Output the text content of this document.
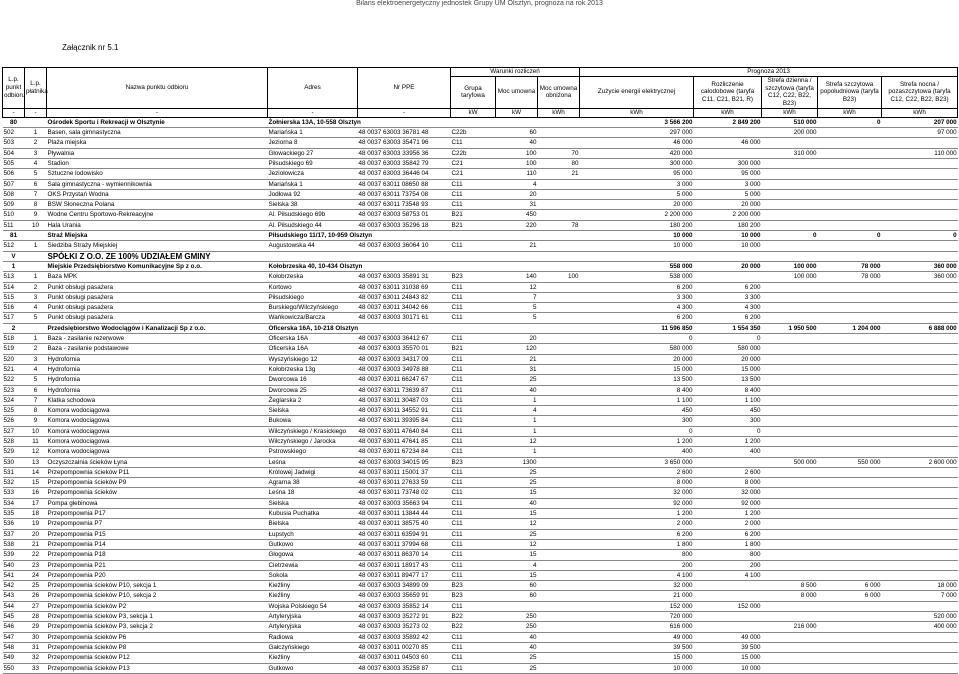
Bilans elektroenergetyczny jednostek Grupy UM Olsztyn, prognoza na rok 2013
Załącznik nr 5.1
L.p. punkt odbioru	L.p. płatnika	Nazwa punktu odbioru	Adres	Nr PPE	Warunki rozliczeń			Prognoza 2013				
					Grupa taryfowa	Moc umowna	Moc umowna obniżona	Zużycie energii elektrycznej	Rozliczenie całodobowe (taryfa C11, C21, B21, R)	Strefa dzienna / szczytowa (taryfa C12, C22, B22, B23)	Strefa szczytowa popołudniowa (taryfa B23)	Strefa nocna / pozaszczytowa (taryfa C12, C22, B22, B23)
-	-	-	-	-	kW	kW	kWh	kWh	kWh	kWh	kWh	kWh
80		Ośrodek Sportu i Rekreacji w Olsztynie	Żołnierska 13A, 10-558 Olsztyn					3 566 200	2 849 200	510 000	0	207 000
502	1	Basen, sala gimnastyczna	Mariańska 1	48 0037 63003 36781 48	C22b	60		297 000		200 000		97 000
503	2	Plaża miejska	Jeziorna 8	48 0037 63003 35471 96	C11	40		46 000	46 000			
504	3	Pływalnia	Głowackiego 27	48 0037 63003 33956 36	C22b	100	70	420 000		310 000		110 000
505	4	Stadion	Piłsudskiego 69	48 0037 63003 35842 79	C21	100	80	300 000	300 000			
506	5	Sztuczne lodowisko	Jeziołowicza	48 0037 63003 36446 04	C21	110	21	95 000	95 000			
507	6	Sala gimnastyczna - wymiennikownia	Mariańska 1	48 0037 63011 08650 88	C11	4		3 000	3 000			
508	7	OKS Przystań Wodna	Jodłowa 92	48 0037 63011 73754 08	C11	20		5 000	5 000			
509	8	BSW Słoneczna Polana	Sielska 38	48 0037 63011 73548 93	C11	31		20 000	20 000			
510	9	Wodne Centru Sportowo-Rekreacyjne	Al. Piłsudskiego 69b	48 0037 63003 58753 01	B21	450		2 200 000	2 200 000			
511	10	Hala Urania	Al. Piłsudskiego 44	48 0037 63003 35296 18	B21	220	78	180 200	180 200			
81		Straż Miejska	Piłsudskiego 11/17, 10-959 Olsztyn					10 000	10 000	0	0	0
512	1	Siedziba Straży Miejskiej	Augustowska 44	48 0037 63003 36064 10	C11	21		10 000	10 000			
V		SPÓŁKI Z O.O. ZE 100% UDZIAŁEM GMINY										
1		Miejskie Przedsiębiorstwo Komunikacyjne Sp z o.o.	Kołobrzeska 40, 10-434 Olsztyn					558 000	20 000	100 000	78 000	360 000
513	1	Baza MPK	Kołobrzeska	48 0037 63003 35891 31	B23	140	100	538 000		100 000	78 000	360 000
514	2	Punkt obsługi pasażera	Kortowo	48 0037 63011 31038 69	C11	12		6 200	6 200			
515	3	Punkt obsługi pasażera	Piłsudskiego	48 0037 63011 24843 82	C11	7		3 300	3 300			
516	4	Punkt obsługi pasażera	Burskiego/Wilczyńskiego	48 0037 63011 34042 66	C11	5		4 300	4 300			
517	5	Punkt obsługi pasażera	Wańkowicza/Barcza	48 0037 63003 30171 61	C11	5		6 200	6 200			
2		Przedsiębiorstwo Wodociągów i Kanalizacji Sp z o.o.	Oficerska 16A, 10-218 Olsztyn					11 596 850	1 554 350	1 950 500	1 204 000	6 888 000
518	1	Baza - zasilanie rezerwowe	Oficerska 16A	48 0037 63003 36412 67	C11	20		0	0			
519	2	Baza - zasilanie podstawowe	Oficerska 16A	48 0037 63003 35570 01	B21	120		580 000	580 000			
520	3	Hydrofornia	Wyszyńskiego 12	48 0037 63003 34317 09	C11	21		20 000	20 000			
521	4	Hydrofornia	Kołobrzeska 13g	48 0037 63003 34978 88	C11	31		15 000	15 000			
522	5	Hydrofornia	Dworcowa 16	48 0037 63011 66247 67	C11	25		13 500	13 500			
523	6	Hydrofornia	Dworcowa 25	48 0037 63011 73639 87	C11	40		8 400	8 400			
524	7	Klatka schodowa	Żeglarska 2	48 0037 63011 30487 03	C11	1		1 100	1 100			
525	8	Komora wodociągowa	Sielska	48 0037 63011 34552 91	C11	4		450	450			
526	9	Komora wodociągowa	Bukowa	48 0037 63011 39395 84	C11	1		300	300			
527	10	Komora wodociągowa	Wilczyńskiego / Krasickiego	48 0037 63011 47640 84	C11	1		0	0			
528	11	Komora wodociągowa	Wilczyńskiego / Jarocka	48 0037 63011 47641 85	C11	12		1 200	1 200			
529	12	Komora wodociągowa	Pstrowskiego	48 0037 63011 67234 84	C11	1		400	400			
530	13	Oczyszczalnia ścieków Łyna	Leśna	48 0037 63003 34015 95	B23	1300		3 650 000		500 000	550 000	2 600 000
531	14	Przepompownia ścieków P11	Królowej Jadwigi	48 0037 63011 15001 37	C11	25		2 600	2 600			
532	15	Przepompownia ścieków P9	Agrarna 38	48 0037 63011 27633 59	C11	25		8 000	8 000			
533	16	Przepompownia ścieków	Leśna 18	48 0037 63011 73748 02	C11	15		32 000	32 000			
534	17	Pompa głebinowa	Sielska	48 0037 63003 35663 94	C11	40		92 000	92 000			
535	18	Przepompownia P17	Kubusia Puchatka	48 0037 63011 13844 44	C11	15		1 200	1 200			
536	19	Przepompownia P7	Bielska	48 0037 63011 38575 40	C11	12		2 000	2 000			
537	20	Przepompownia P15	Łupstych	48 0037 63011 63594 91	C11	25		6 200	6 200			
538	21	Przepompownia P14	Gutkowo	48 0037 63011 37994 68	C11	12		1 800	1 800			
539	22	Przepompownia P18	Głogowa	48 0037 63011 86370 14	C11	15		800	800			
540	23	Przepompownia P21	Cietrzewia	48 0037 63011 18917 43	C11	4		200	200			
541	24	Przepompownia P20	Sokola	48 0037 63011 89477 17	C11	15		4 100	4 100			
542	25	Przepompownia ścieków P10, sekcja 1	Kieźliny	48 0037 63003 34899 09	B23	60		32 000		8 500	6 000	18 000
543	26	Przepompownia ścieków P10, sekcja 2	Kieźliny	48 0037 63003 35659 91	B23	60		21 000		8 000	6 000	7 000
544	27	Przepompownia ścieków P2	Wojska Polskiego 54	48 0037 63003 35852 14	C11			152 000	152 000			
545	28	Przepompownia ścieków P3, sekcja 1	Artyleryjska	48 0037 63003 35272 91	B22	250		720 000				520 000
546	29	Przepompownia ścieków P3, sekcja 2	Artyleryjska	48 0037 63003 35273 02	B22	250		616 000		216 000		400 000
547	30	Przepompownia ścieków P6	Radiowa	48 0037 63003 35892 42	C11	40		49 000	49 000			
548	31	Przepompownia ścieków P8	Gałczyńskiego	48 0037 63011 00270 85	C11	40		39 500	39 500			
549	32	Przepompownia ścieków P12	Kieźliny	48 0037 63011 04503 60	C11	25		15 000	15 000			
550	33	Przepompownia ścieków P13	Gutkowo	48 0037 63003 35258 87	C11	25		10 000	10 000			
